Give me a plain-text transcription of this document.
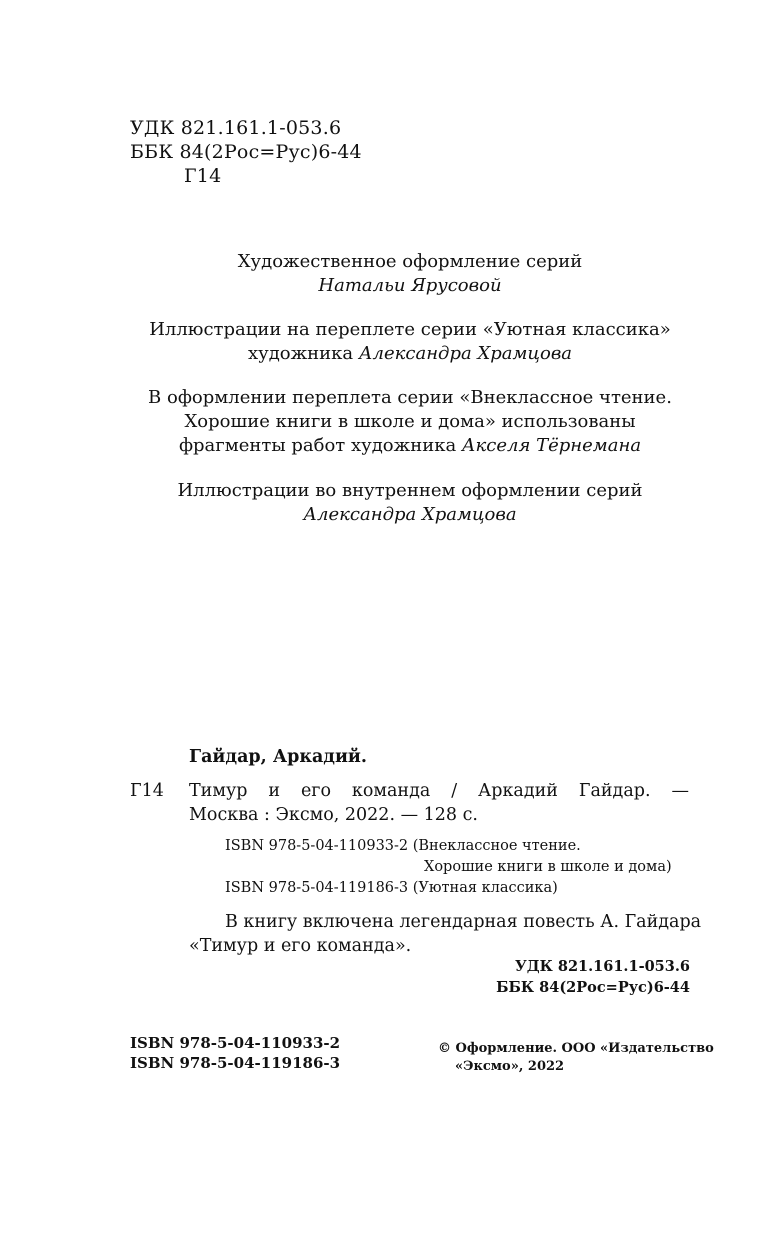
УДК 821.161.1-053.6
ББК 84(2Рос=Рус)6-44
Г14

Художественное оформление серий

Натальи Ярусовой

Иллюстрации на переплете серии «Уютная классика»

художника Александра Храмцова

В оформлении переплета серии «Внеклассное чтение.

Хорошие книги в школе и дома» использованы

фрагменты работ художника Акселя Тёрнемана

Иллюстрации во внутреннем оформлении серий

Александра Храмцова

Гайдар, Аркадий.
Г14 Тимур и его команда / Аркадий Гайдар. —
Москва : Эксмо, 2022. — 128 с.
ISBN 978-5-04-110933-2 (Внеклассное чтение.
Хорошие книги в школе и дома)
ISBN 978-5-04-119186-3 (Уютная классика)
В книгу включена легендарная повесть А. Гайдара
«Тимур и его команда».
УДК 821.161.1-053.6
ББК 84(2Рос=Рус)6-44
ISBN 978-5-04-110933-2
ISBN 978-5-04-119186-3
© Оформление. ООО «Издательство
«Эксмо», 2022
